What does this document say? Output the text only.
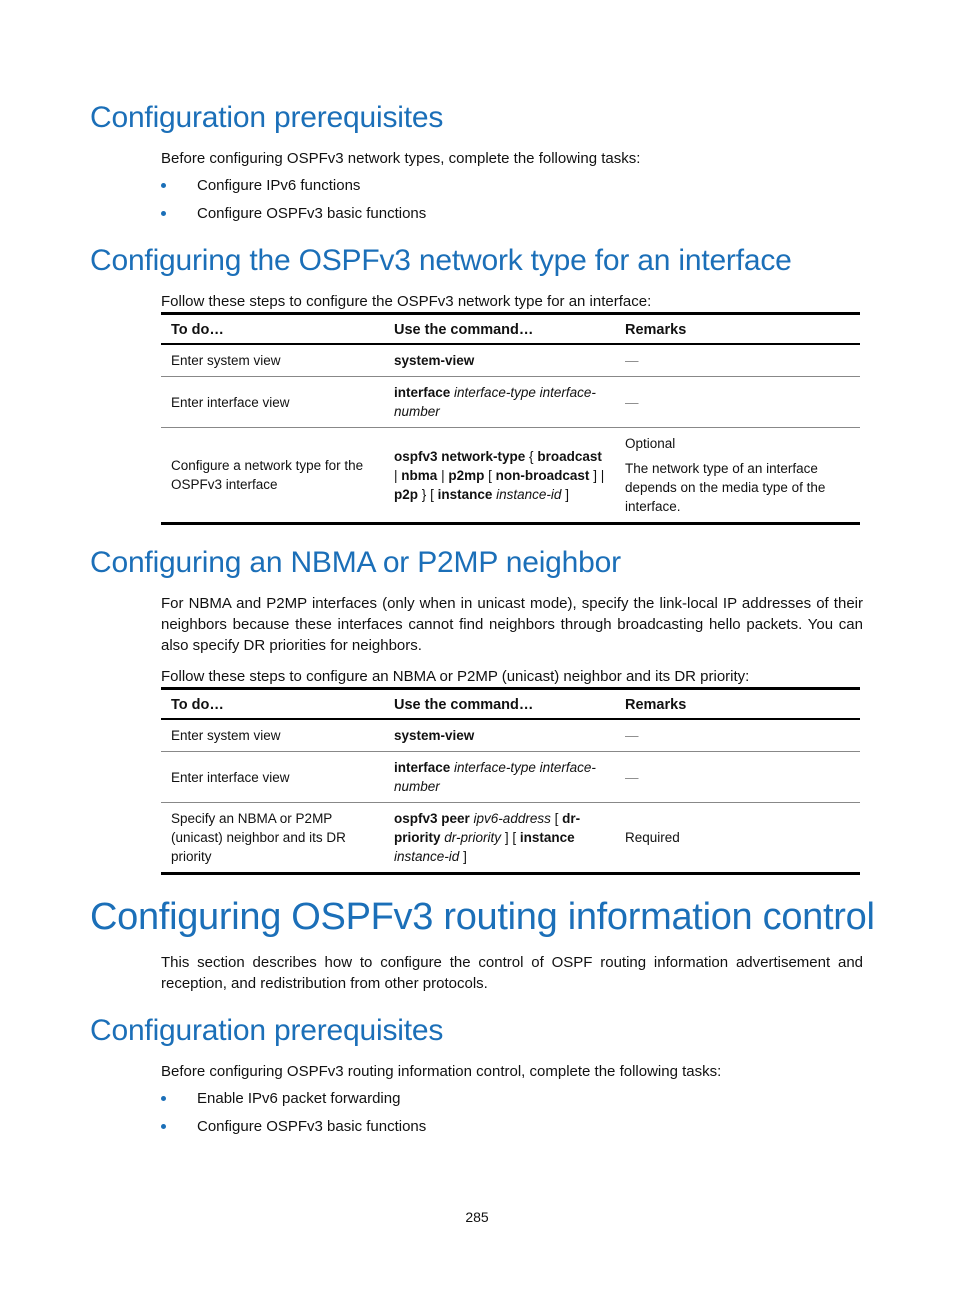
Configuration prerequisites

Before configuring OSPFv3 network types, complete the following tasks:

Configure IPv6 functions
Configure OSPFv3 basic functions
Configuring the OSPFv3 network type for an interface

Follow these steps to configure the OSPFv3 network type for an interface:

To do…	Use the command…	Remarks
Enter system view	system-view	—
Enter interface view	interface interface-type interface-number	—
Configure a network type for the OSPFv3 interface	ospfv3 network-type { broadcast | nbma | p2mp [ non-broadcast ] | p2p } [ instance instance-id ]	Optional
The network type of an interface depends on the media type of the interface.
Configuring an NBMA or P2MP neighbor

For NBMA and P2MP interfaces (only when in unicast mode), specify the link-local IP addresses of their neighbors because these interfaces cannot find neighbors through broadcasting hello packets. You can also specify DR priorities for neighbors.

Follow these steps to configure an NBMA or P2MP (unicast) neighbor and its DR priority:

To do…	Use the command…	Remarks
Enter system view	system-view	—
Enter interface view	interface interface-type interface-number	—
Specify an NBMA or P2MP (unicast) neighbor and its DR priority	ospfv3 peer ipv6-address [ dr-priority dr-priority ] [ instance instance-id ]	Required
Configuring OSPFv3 routing information control

This section describes how to configure the control of OSPF routing information advertisement and reception, and redistribution from other protocols.

Configuration prerequisites

Before configuring OSPFv3 routing information control, complete the following tasks:

Enable IPv6 packet forwarding
Configure OSPFv3 basic functions
285
